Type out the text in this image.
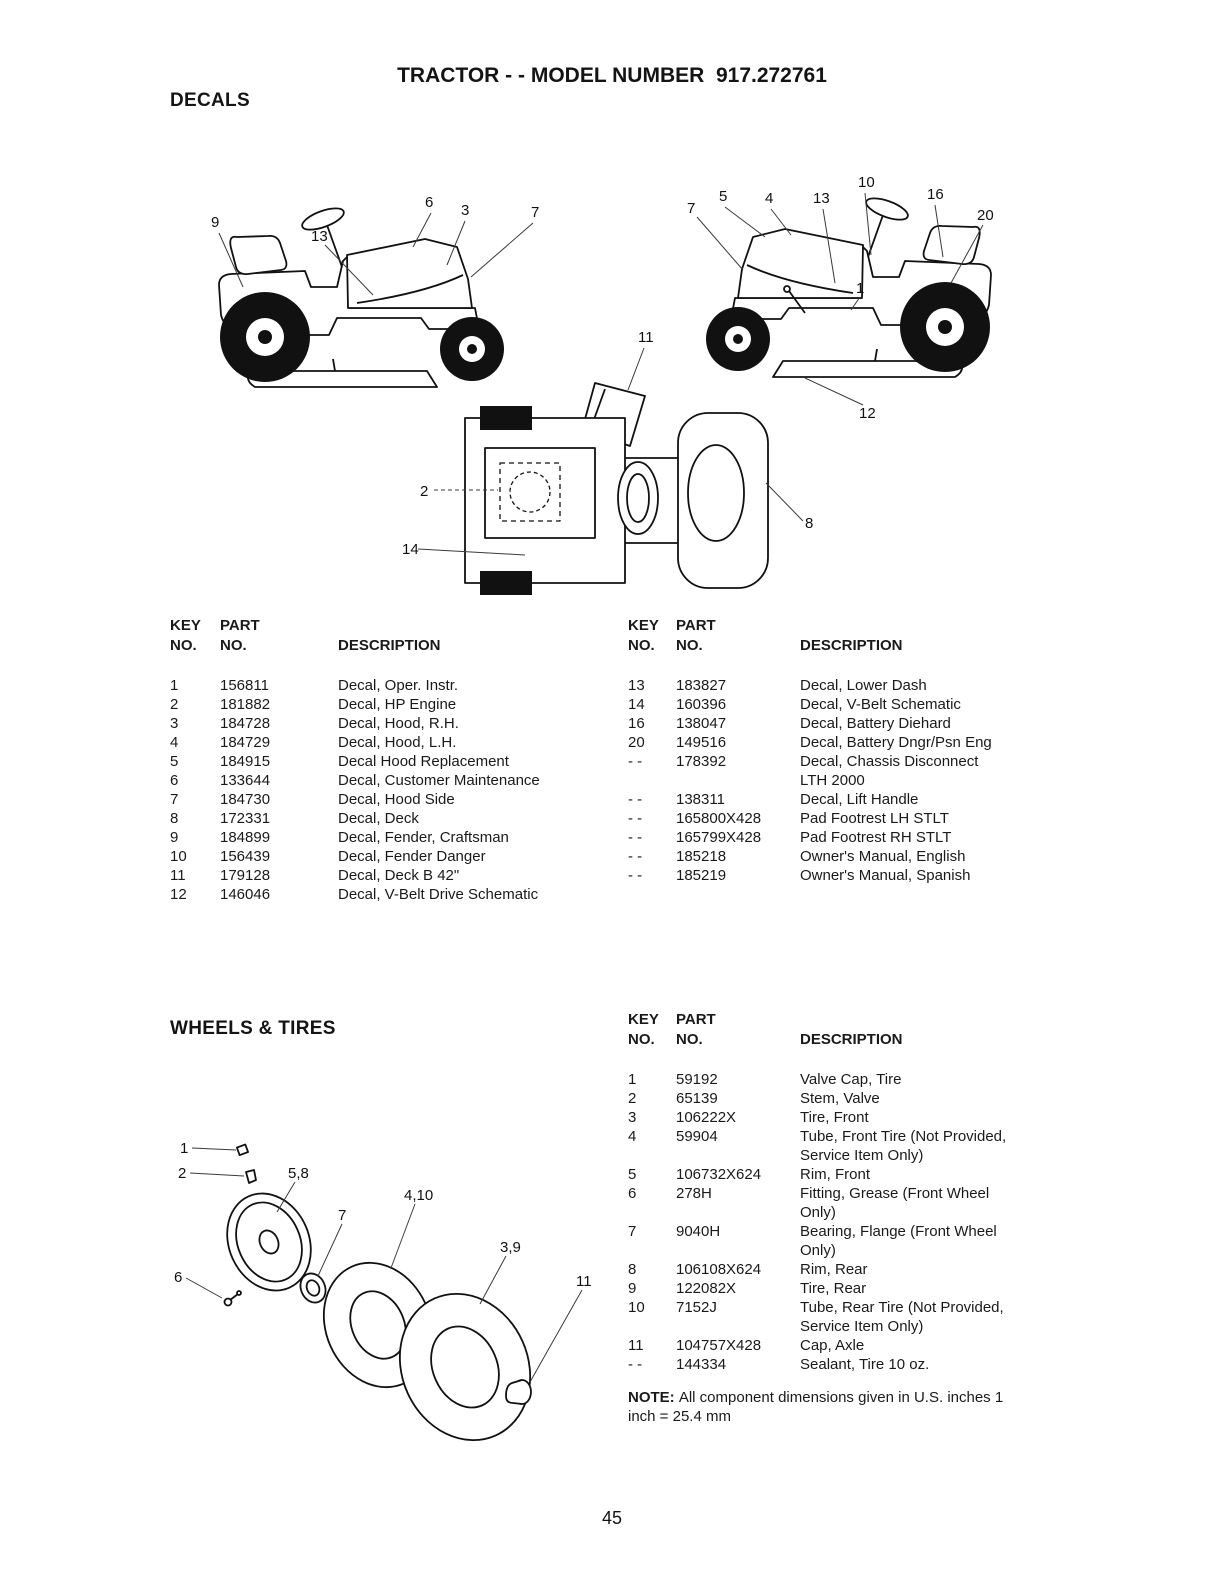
TRACTOR - - MODEL NUMBER  917.272761
DECALS
9
13
6 3	7	7
5	4	13
10
16
20
1
12
11
2
14
8
KEY
NO.
PART
NO.	DESCRIPTION
1	156811	Decal, Oper. Instr.
2	181882	Decal, HP Engine
3	184728	Decal, Hood, R.H.
4	184729	Decal, Hood, L.H.
5	184915	Decal Hood Replacement
6	133644	Decal, Customer Maintenance
7	184730	Decal, Hood Side
8	172331	Decal, Deck
9	184899	Decal, Fender, Craftsman
10	156439	Decal, Fender Danger
11	179128	Decal, Deck B 42"
12	146046	Decal, V-Belt Drive Schematic
KEY
NO.
PART
NO.	DESCRIPTION
13	183827	Decal, Lower Dash
14	160396	Decal, V-Belt Schematic
16	138047	Decal, Battery Diehard
20	149516	Decal, Battery Dngr/Psn Eng
- -	178392	Decal, Chassis Disconnect LTH 2000
- -	138311	Decal, Lift Handle
- -	165800X428	Pad Footrest LH STLT
- -	165799X428	Pad Footrest RH STLT
- -	185218	Owner's Manual, English
- -	185219	Owner's Manual, Spanish
WHEELS & TIRES
1
2	5,8
4,10
7
3,9
6	11
KEY
NO.
PART
NO.	DESCRIPTION
1	59192	Valve Cap, Tire
2	65139	Stem, Valve
3	106222X	Tire, Front
4	59904	Tube, Front Tire (Not Provided, Service Item Only)
5	106732X624	Rim, Front
6	278H	Fitting, Grease (Front Wheel Only)
7	9040H	Bearing, Flange (Front Wheel Only)
8	106108X624	Rim, Rear
9	122082X	Tire, Rear
10	7152J	Tube, Rear Tire (Not Provided, Service Item Only)
11	104757X428	Cap, Axle
- -	144334	Sealant, Tire 10 oz.
NOTE: All component dimensions given in U.S. inches 1 inch = 25.4 mm
45
